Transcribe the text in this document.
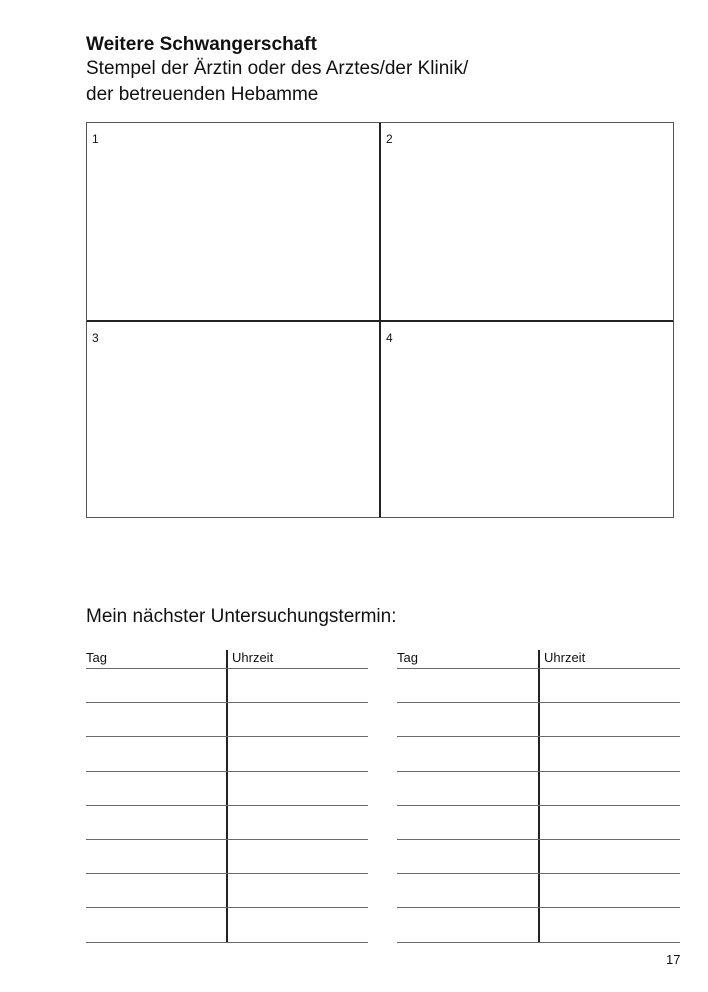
Weitere Schwangerschaft
Stempel der Ärztin oder des Arztes/der Klinik/
der betreuenden Hebamme
1	2
3	4
Mein nächster Untersuchungstermin:
Tag	Uhrzeit	Tag	Uhrzeit
17
